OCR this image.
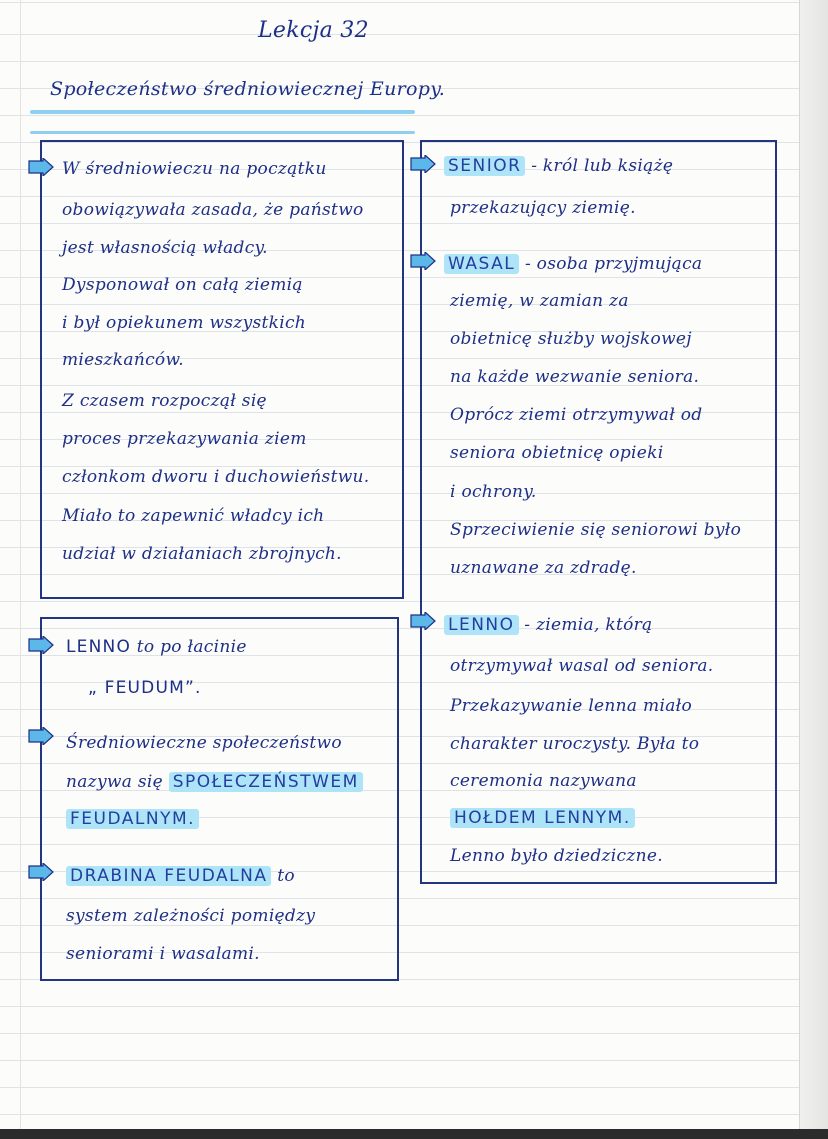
Lekcja 32
Społeczeństwo średniowiecznej Europy.
W średniowieczu na początku
obowiązywała zasada, że państwo
jest własnością władcy.
Dysponował on całą ziemią
i był opiekunem wszystkich
mieszkańców.
Z czasem rozpoczął się
proces przekazywania ziem
członkom dworu i duchowieństwu.
Miało to zapewnić władcy ich
udział w działaniach zbrojnych.
LENNO to po łacinie
„ FEUDUM”.
Średniowieczne społeczeństwo
nazywa się SPOŁECZEŃSTWEM
FEUDALNYM.
DRABINA FEUDALNA to
system zależności pomiędzy
seniorami i wasalami.
SENIOR - król lub książę
przekazujący ziemię.
WASAL - osoba przyjmująca
ziemię, w zamian za
obietnicę służby wojskowej
na każde wezwanie seniora.
Oprócz ziemi otrzymywał od
seniora obietnicę opieki
i ochrony.
Sprzeciwienie się seniorowi było
uznawane za zdradę.
LENNO - ziemia, którą
otrzymywał wasal od seniora.
Przekazywanie lenna miało
charakter uroczysty. Była to
ceremonia nazywana
HOŁDEM LENNYM.
Lenno było dziedziczne.
